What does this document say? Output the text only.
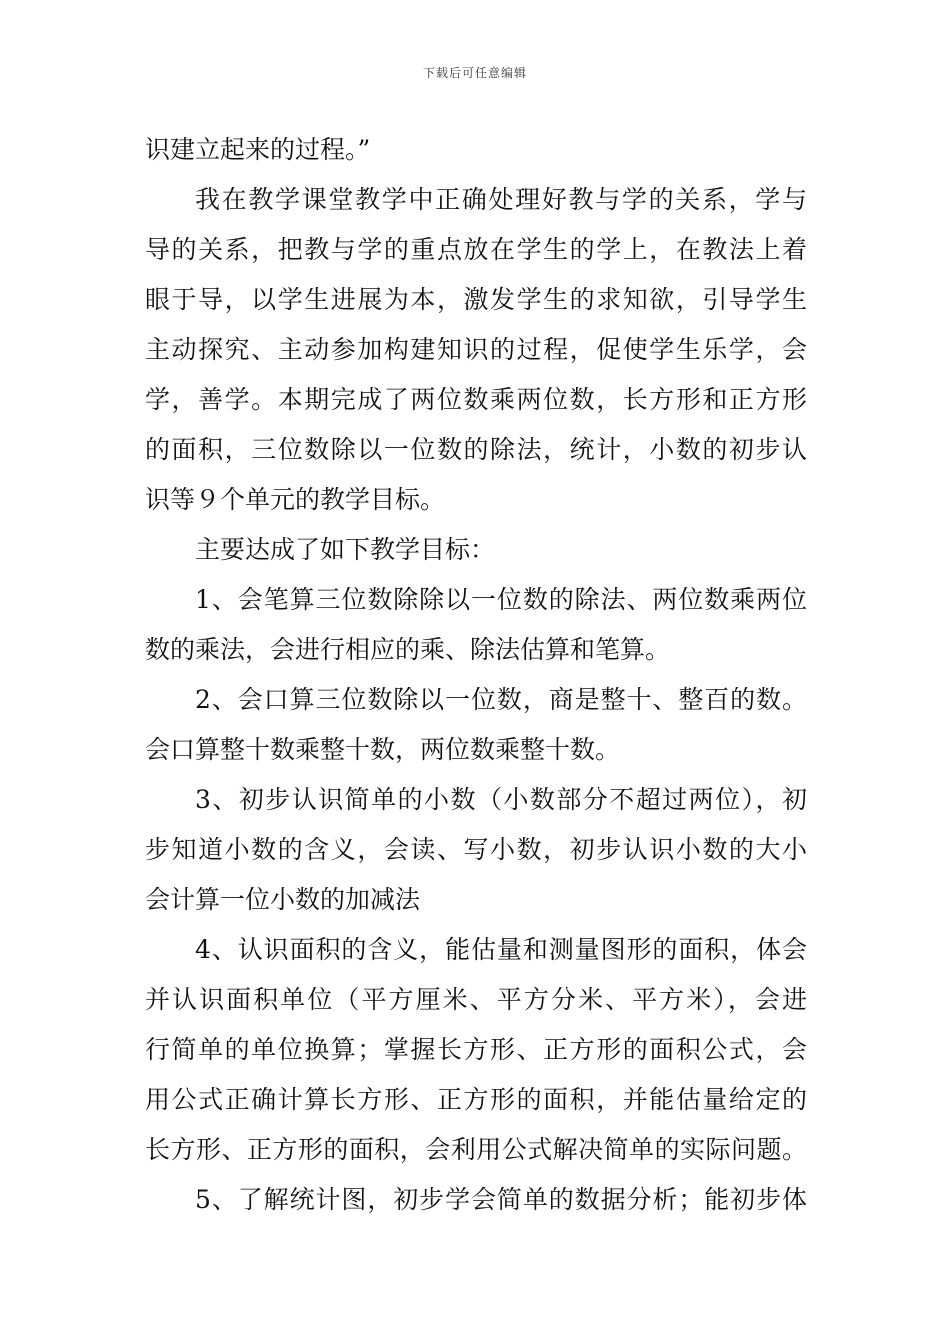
下载后可任意编辑
识建立起来的过程。”
我在教学课堂教学中正确处理好教与学的关系，学与
导的关系，把教与学的重点放在学生的学上，在教法上着
眼于导，以学生进展为本，激发学生的求知欲，引导学生
主动探究、主动参加构建知识的过程，促使学生乐学，会
学，善学。本期完成了两位数乘两位数，长方形和正方形
的面积，三位数除以一位数的除法，统计，小数的初步认
识等９个单元的教学目标。
主要达成了如下教学目标：
1、会笔算三位数除除以一位数的除法、两位数乘两位
数的乘法，会进行相应的乘、除法估算和笔算。
2、会口算三位数除以一位数，商是整十、整百的数。
会口算整十数乘整十数，两位数乘整十数。
3、初步认识简单的小数（小数部分不超过两位），初
步知道小数的含义，会读、写小数，初步认识小数的大小
会计算一位小数的加减法
4、认识面积的含义，能估量和测量图形的面积，体会
并认识面积单位（平方厘米、平方分米、平方米），会进
行简单的单位换算；掌握长方形、正方形的面积公式，会
用公式正确计算长方形、正方形的面积，并能估量给定的
长方形、正方形的面积，会利用公式解决简单的实际问题。
5、了解统计图，初步学会简单的数据分析；能初步体
